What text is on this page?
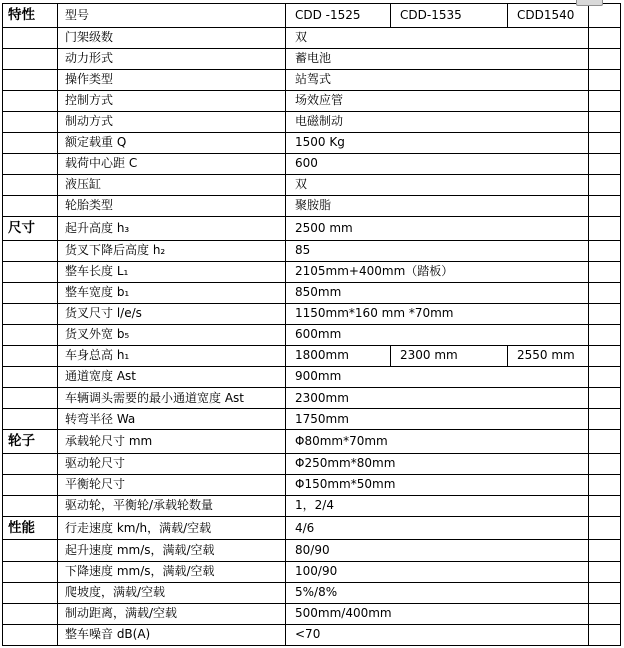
特性	型号	CDD -1525	CDD-1535	CDD1540	
	门架级数	双			
	动力形式	蓄电池			
	操作类型	站驾式			
	控制方式	场效应管			
	制动方式	电磁制动			
	额定载重 Q	1500 Kg			
	载荷中心距 C	600			
	液压缸	双			
	轮胎类型	聚胺脂			
尺寸	起升高度 h₃	2500 mm			
	货叉下降后高度 h₂	85			
	整车长度 L₁	2105mm+400mm（踏板）			
	整车宽度 b₁	850mm			
	货叉尺寸 l/e/s	1150mm*160 mm *70mm			
	货叉外宽 b₅	600mm			
	车身总高 h₁	1800mm	2300 mm	2550 mm	
	通道宽度 Ast	900mm			
	车辆调头需要的最小通道宽度 Ast	2300mm			
	转弯半径 Wa	1750mm			
轮子	承载轮尺寸 mm	Φ80mm*70mm			
	驱动轮尺寸	Φ250mm*80mm			
	平衡轮尺寸	Φ150mm*50mm			
	驱动轮，平衡轮/承载轮数量	1，2/4			
性能	行走速度 km/h，满载/空载	4/6			
	起升速度 mm/s，满载/空载	80/90			
	下降速度 mm/s，满载/空载	100/90			
	爬坡度，满载/空载	5%/8%			
	制动距离，满载/空载	500mm/400mm			
	整车噪音 dB(A)	<70			
